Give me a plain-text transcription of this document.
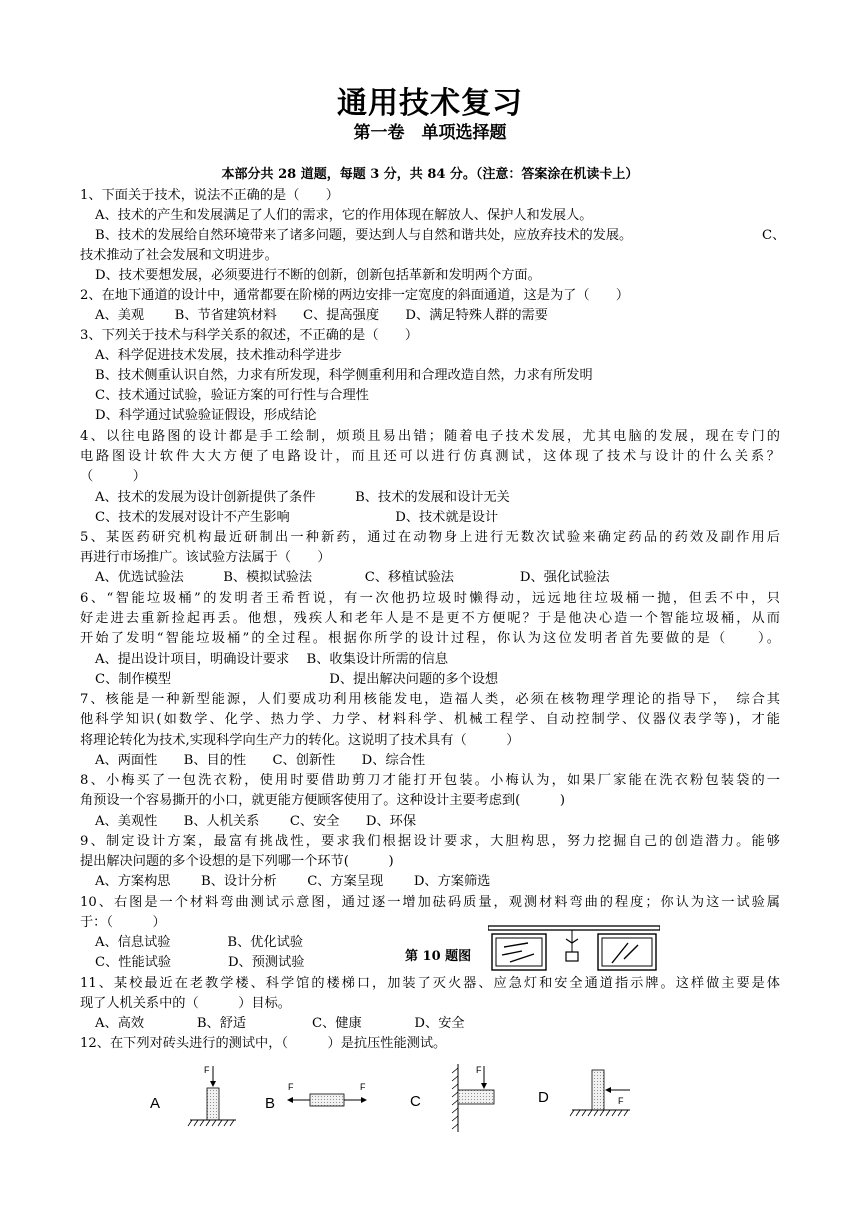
通用技术复习
第一卷　单项选择题
本部分共 28 道题，每题 3 分，共 84 分。（注意：答案涂在机读卡上）
1、下面关于技术，说法不正确的是（　　）
A、技术的产生和发展满足了人们的需求，它的作用体现在解放人、保护人和发展人。
B、技术的发展给自然环境带来了诸多问题，要达到人与自然和谐共处，应放弃技术的发展。	C、
技术推动了社会发展和文明进步。
D、技术要想发展，必须要进行不断的创新，创新包括革新和发明两个方面。
2、在地下通道的设计中，通常都要在阶梯的两边安排一定宽度的斜面通道，这是为了（　　）
A、美观　　 B、节省建筑材料　　C、提高强度　　D、满足特殊人群的需要
3、下列关于技术与科学关系的叙述，不正确的是（　　）
A、科学促进技术发展，技术推动科学进步
B、技术侧重认识自然，力求有所发现，科学侧重利用和合理改造自然，力求有所发明
C、技术通过试验，验证方案的可行性与合理性
D、科学通过试验验证假设，形成结论
4、以往电路图的设计都是手工绘制，烦琐且易出错；随着电子技术发展，尤其电脑的发展，现在专门的
电路图设计软件大大方便了电路设计，而且还可以进行仿真测试，这体现了技术与设计的什么关系？
（　　　）
A、技术的发展为设计创新提供了条件　　　B、技术的发展和设计无关
C、技术的发展对设计不产生影响　　　　　　　　D、技术就是设计
5、某医药研究机构最近研制出一种新药，通过在动物身上进行无数次试验来确定药品的药效及副作用后
再进行市场推广。该试验方法属于（　　）
A、优选试验法　　　B、模拟试验法　　　　C、移植试验法　　　　　D、强化试验法
6、“智能垃圾桶”的发明者王希哲说，有一次他扔垃圾时懒得动，远远地往垃圾桶一抛，但丢不中，只
好走进去重新捡起再丢。他想，残疾人和老年人是不是更不方便呢？于是他决心造一个智能垃圾桶，从而
开始了发明“智能垃圾桶”的全过程。根据你所学的设计过程，你认为这位发明者首先要做的是（　　）。
A、提出设计项目，明确设计要求　 B、收集设计所需的信息
C、制作模型　　　　　　　　　　　　D、提出解决问题的多个设想
7、核能是一种新型能源，人们要成功利用核能发电，造福人类，必须在核物理学理论的指导下，　综合其
他科学知识(如数学、化学、热力学、力学、材料科学、机械工程学、自动控制学、仪器仪表学等)，才能
将理论转化为技术,实现科学向生产力的转化。这说明了技术具有（　　　）
A、两面性　　B、目的性　　C、创新性　　D、综合性
8、小梅买了一包洗衣粉，使用时要借助剪刀才能打开包装。小梅认为，如果厂家能在洗衣粉包装袋的一
角预设一个容易撕开的小口，就更能方便顾客使用了。这种设计主要考虑到(　　　)
A、美观性　　B、人机关系　　 C、安全　　D、环保
9、制定设计方案，最富有挑战性，要求我们根据设计要求，大胆构思，努力挖掘自己的创造潜力。能够
提出解决问题的多个设想的是下列哪一个环节(　　　)
A、方案构思　　 B、设计分析　　 C、方案呈现　　 D、方案筛选
10、右图是一个材料弯曲测试示意图，通过逐一增加砝码质量，观测材料弯曲的程度；你认为这一试验属
于：（　　　）
A、信息试验　　　　 B、优化试验
C、性能试验　　　　 D、预测试验	第 10 题图
11、某校最近在老教学楼、科学馆的楼梯口，加装了灭火器、应急灯和安全通道指示牌。这样做主要是体
现了人机关系中的（　　　）目标。
A、高效　　　　B、舒适　　　　　C、健康　　　　D、安全
12、在下列对砖头进行的测试中，（　　　）是抗压性能测试。
A	B	C	D
F
F	F
F
F
